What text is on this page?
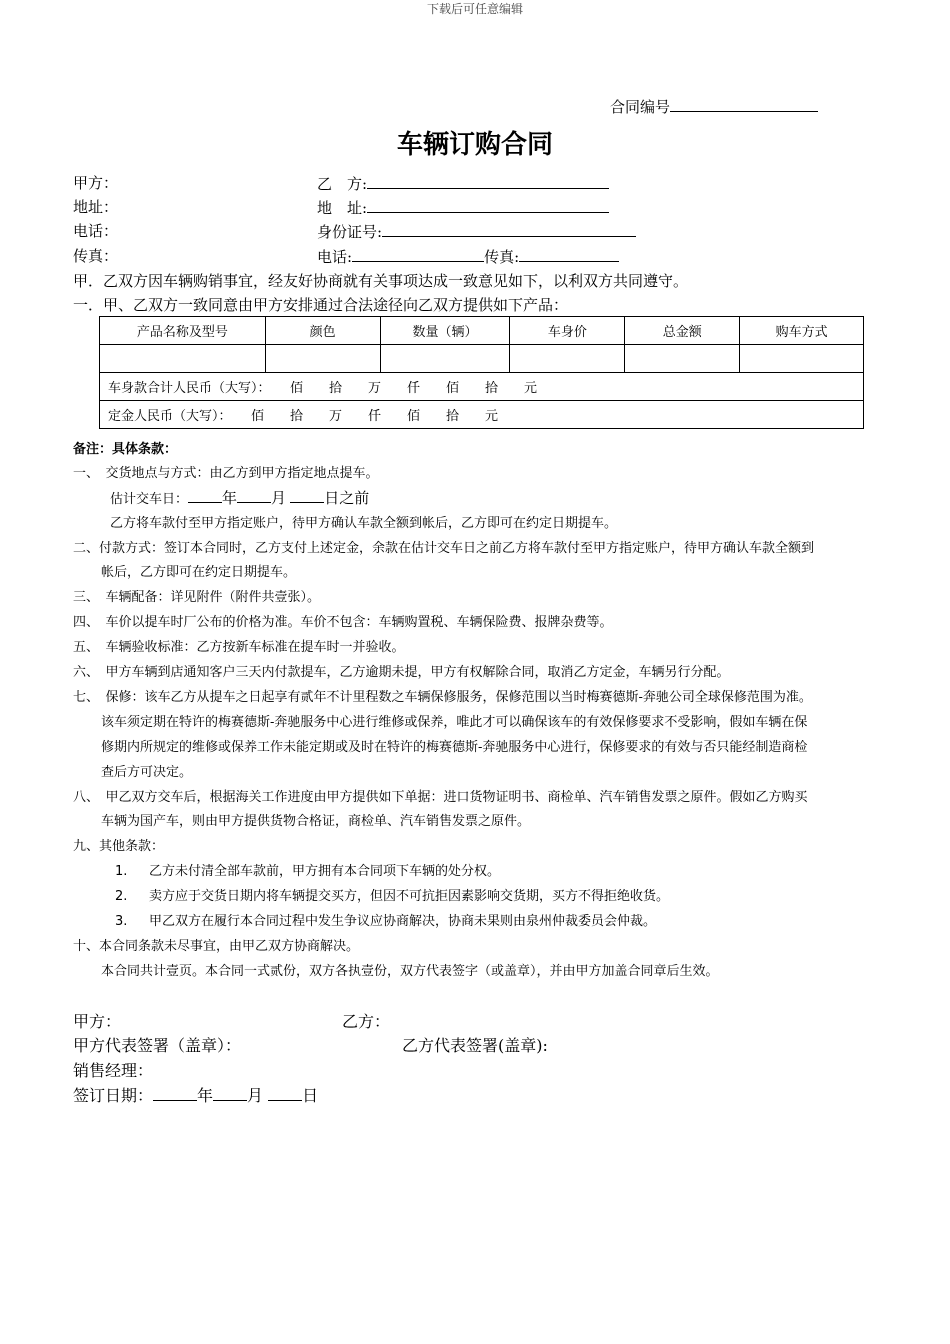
下载后可任意编辑
合同编号
车辆订购合同
甲方：	乙　方:
地址：	地　址:
电话：	身份证号:
传真：	电话:	传真:
甲．乙双方因车辆购销事宜，经友好协商就有关事项达成一致意见如下，以利双方共同遵守。
一．甲、乙双方一致同意由甲方安排通过合法途径向乙双方提供如下产品：
产品名称及型号	颜色	数量（辆）	车身价	总金额	购车方式

车身款合计人民币（大写）：　　佰　　拾　　万　　仟　　佰　　拾　　元					
定金人民币（大写）：　　佰　　拾　　万　　仟　　佰　　拾　　元					
备注：具体条款：
一、　交货地点与方式：由乙方到甲方指定地点提车。
估计交车日： 年 月	日之前
乙方将车款付至甲方指定账户，待甲方确认车款全额到帐后，乙方即可在约定日期提车。
二、付款方式：签订本合同时，乙方支付上述定金，余款在估计交车日之前乙方将车款付至甲方指定账户，待甲方确认车款全额到
帐后，乙方即可在约定日期提车。
三、　车辆配备：详见附件（附件共壹张）。
四、　车价以提车时厂公布的价格为准。车价不包含：车辆购置税、车辆保险费、报牌杂费等。
五、　车辆验收标准：乙方按新车标准在提车时一并验收。
六、　甲方车辆到店通知客户三天内付款提车，乙方逾期未提，甲方有权解除合同，取消乙方定金，车辆另行分配。
七、　保修：该车乙方从提车之日起享有贰年不计里程数之车辆保修服务，保修范围以当时梅赛德斯-奔驰公司全球保修范围为准。
该车须定期在特许的梅赛德斯-奔驰服务中心进行维修或保养，唯此才可以确保该车的有效保修要求不受影响，假如车辆在保
修期内所规定的维修或保养工作未能定期或及时在特许的梅赛德斯-奔驰服务中心进行，保修要求的有效与否只能经制造商检
查后方可决定。
八、　甲乙双方交车后，根据海关工作进度由甲方提供如下单据：进口货物证明书、商检单、汽车销售发票之原件。假如乙方购买
车辆为国产车，则由甲方提供货物合格证，商检单、汽车销售发票之原件。
九、其他条款：
1. 乙方未付清全部车款前，甲方拥有本合同项下车辆的处分权。
2. 卖方应于交货日期内将车辆提交买方，但因不可抗拒因素影响交货期，买方不得拒绝收货。
3. 甲乙双方在履行本合同过程中发生争议应协商解决，协商未果则由泉州仲裁委员会仲裁。
十、本合同条款未尽事宜，由甲乙双方协商解决。
本合同共计壹页。本合同一式贰份，双方各执壹份，双方代表签字（或盖章），并由甲方加盖合同章后生效。
甲方：	乙方：
甲方代表签署（盖章）：	乙方代表签署(盖章):
销售经理：
签订日期：	年 月 日
